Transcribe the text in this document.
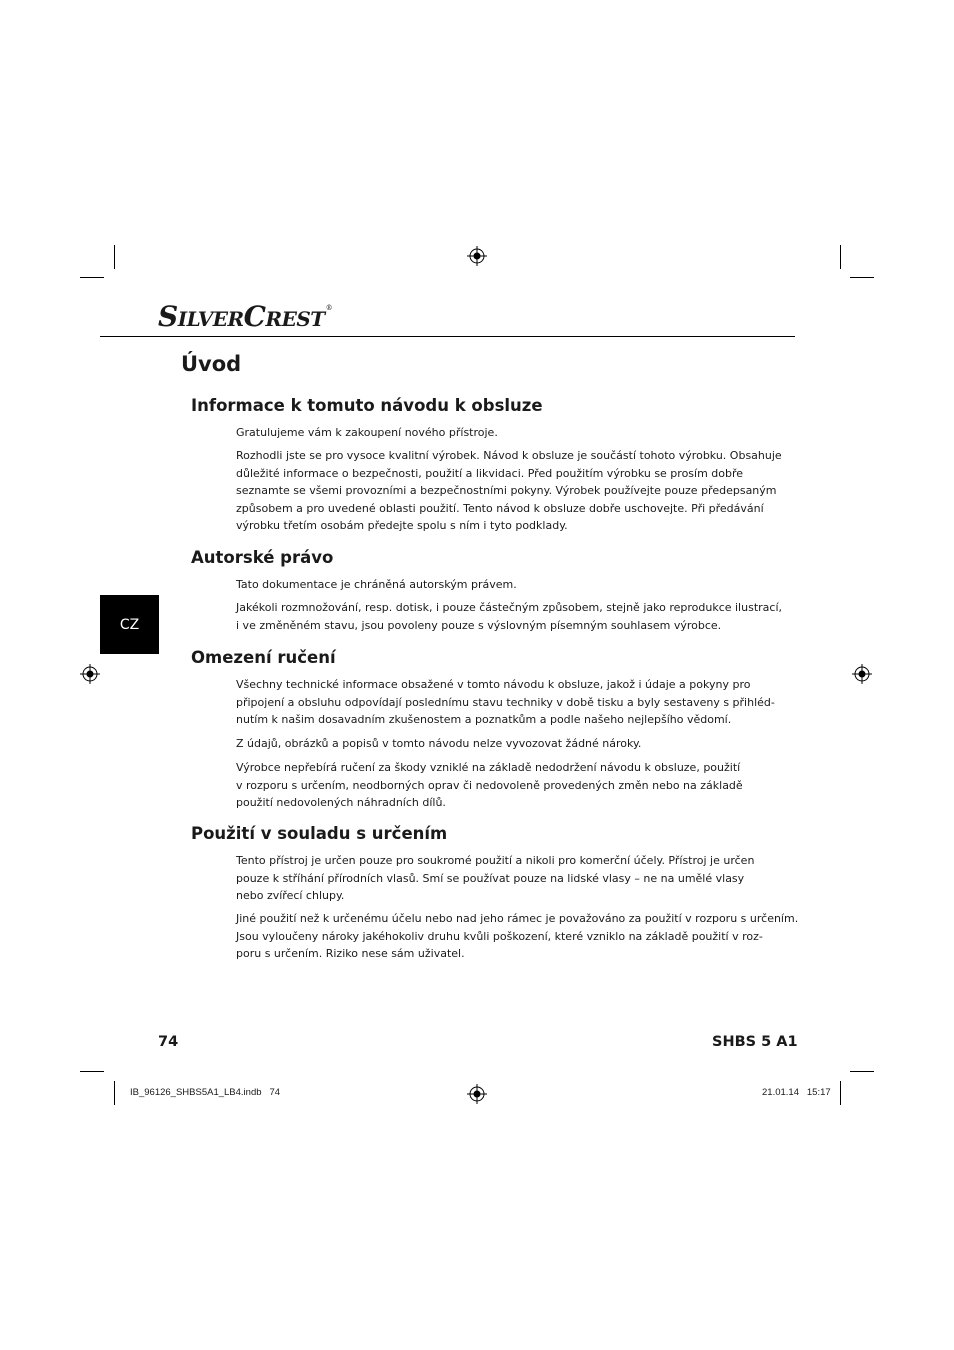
SILVERCREST®
Úvod
Informace k tomuto návodu k obsluze

Gratulujeme vám k zakoupení nového přístroje.

Rozhodli jste se pro vysoce kvalitní výrobek. Návod k obsluze je součástí tohoto výrobku. Obsahuje
důležité informace o bezpečnosti, použití a likvidaci. Před použitím výrobku se prosím dobře
seznamte se všemi provozními a bezpečnostními pokyny. Výrobek používejte pouze předepsaným
způsobem a pro uvedené oblasti použití. Tento návod k obsluze dobře uschovejte. Při předávání
výrobku třetím osobám předejte spolu s ním i tyto podklady.

Autorské právo

Tato dokumentace je chráněná autorským právem.

Jakékoli rozmnožování, resp. dotisk, i pouze částečným způsobem, stejně jako reprodukce ilustrací,
i ve změněném stavu, jsou povoleny pouze s výslovným písemným souhlasem výrobce.

CZ
Omezení ručení

Všechny technické informace obsažené v tomto návodu k obsluze, jakož i údaje a pokyny pro
připojení a obsluhu odpovídají poslednímu stavu techniky v době tisku a byly sestaveny s přihléd-
nutím k našim dosavadním zkušenostem a poznatkům a podle našeho nejlepšího vědomí.

Z údajů, obrázků a popisů v tomto návodu nelze vyvozovat žádné nároky.

Výrobce nepřebírá ručení za škody vzniklé na základě nedodržení návodu k obsluze, použití
v rozporu s určením, neodborných oprav či nedovoleně provedených změn nebo na základě
použití nedovolených náhradních dílů.

Použití v souladu s určením

Tento přístroj je určen pouze pro soukromé použití a nikoli pro komerční účely. Přístroj je určen
pouze k stříhání přírodních vlasů. Smí se používat pouze na lidské vlasy – ne na umělé vlasy
nebo zvířecí chlupy.

Jiné použití než k určenému účelu nebo nad jeho rámec je považováno za použití v rozporu s určením.
Jsou vyloučeny nároky jakéhokoliv druhu kvůli poškození, které vzniklo na základě použití v roz-
poru s určením. Riziko nese sám uživatel.

74	SHBS 5 A1
IB_96126_SHBS5A1_LB4.indb   74	21.01.14   15:17
